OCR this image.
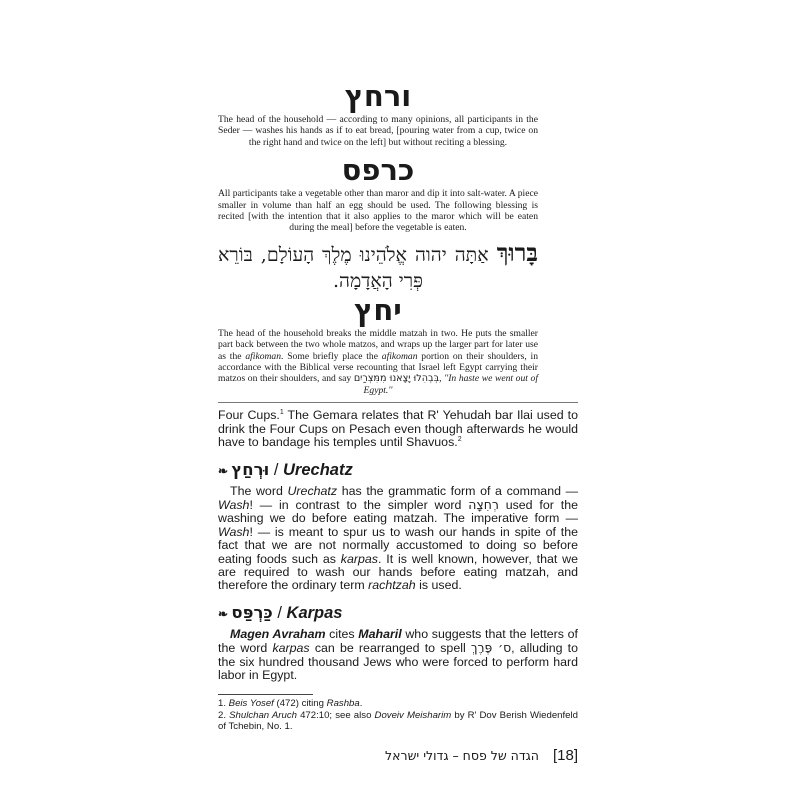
ורחץ

The head of the household — according to many opinions, all participants in the Seder — washes his hands as if to eat bread, [pouring water from a cup, twice on the right hand and twice on the left] but without reciting a blessing.

כרפס

All participants take a vegetable other than maror and dip it into salt-water. A piece smaller in volume than half an egg should be used. The following blessing is recited [with the intention that it also applies to the maror which will be eaten during the meal] before the vegetable is eaten.

בָּרוּךְ אַתָּה יהוה אֱלֹהֵינוּ מֶלֶךְ הָעוֹלָם, בּוֹרֵא פְּרִי הָאֲדָמָה.

יחץ

The head of the household breaks the middle matzah in two. He puts the smaller part back between the two whole matzos, and wraps up the larger part for later use as the afikoman. Some briefly place the afikoman portion on their shoulders, in accordance with the Biblical verse recounting that Israel left Egypt carrying their matzos on their shoulders, and say בְּבְהִלוּ יָצָאנוּ מִמִּצְרַיִם, ''In haste we went out of Egypt.''

Four Cups.$^1$ The Gemara relates that R' Yehudah bar Ilai used to drink the Four Cups on Pesach even though afterwards he would have to bandage his temples until Shavuos.$^2$

❧ וּרְחַץ / Urechatz

The word Urechatz has the grammatic form of a command — Wash! — in contrast to the simpler word רְחִצָה used for the washing we do before eating matzah. The imperative form — Wash! — is meant to spur us to wash our hands in spite of the fact that we are not normally accustomed to doing so before eating foods such as karpas. It is well known, however, that we are required to wash our hands before eating matzah, and therefore the ordinary term rachtzah is used.

❧ כַּרְפַּס / Karpas

Magen Avraham cites Maharil who suggests that the letters of the word karpas can be rearranged to spell ס׳ פֶּרֶךְ, alluding to the six hundred thousand Jews who were forced to perform hard labor in Egypt.

1. Beis Yosef (472) citing Rashba.

2. Shulchan Aruch 472:10; see also Doveiv Meisharim by R' Dov Berish Wiedenfeld of Tchebin, No. 1.

הגדה של פסח – גדולי ישראל [18]
